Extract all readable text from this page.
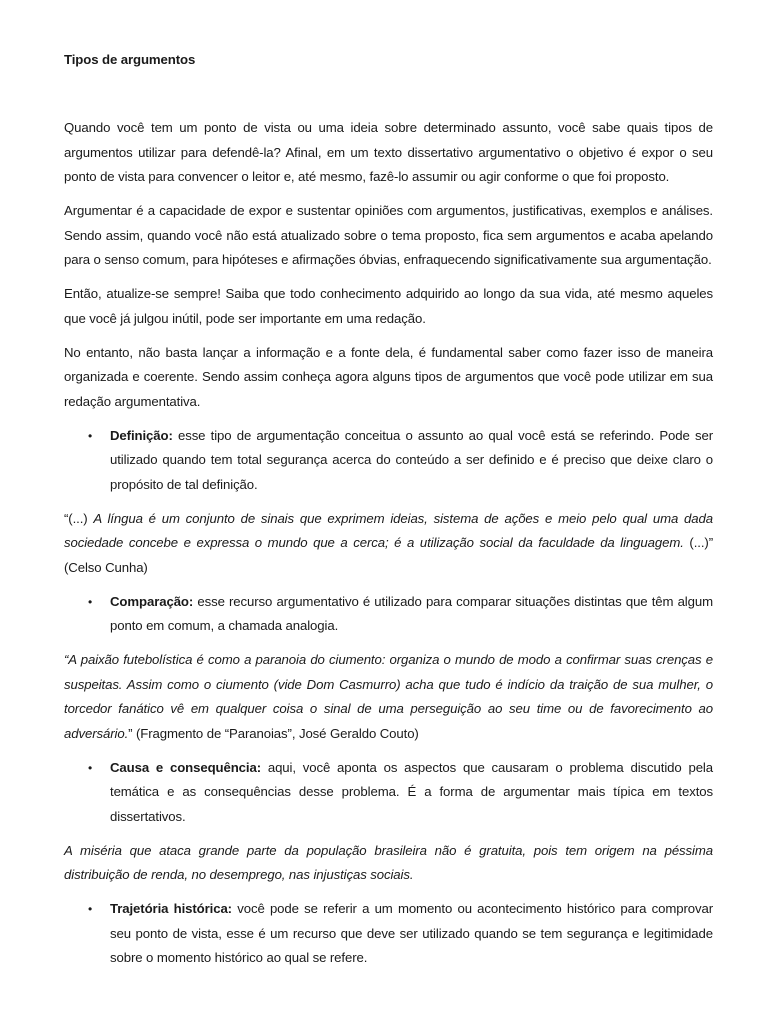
Tipos de argumentos

Quando você tem um ponto de vista ou uma ideia sobre determinado assunto, você sabe quais tipos de argumentos utilizar para defendê-la? Afinal, em um texto dissertativo argumentativo o objetivo é expor o seu ponto de vista para convencer o leitor e, até mesmo, fazê-lo assumir ou agir conforme o que foi proposto.

Argumentar é a capacidade de expor e sustentar opiniões com argumentos, justificativas, exemplos e análises. Sendo assim, quando você não está atualizado sobre o tema proposto, fica sem argumentos e acaba apelando para o senso comum, para hipóteses e afirmações óbvias, enfraquecendo significativamente sua argumentação.

Então, atualize-se sempre! Saiba que todo conhecimento adquirido ao longo da sua vida, até mesmo aqueles que você já julgou inútil, pode ser importante em uma redação.

No entanto, não basta lançar a informação e a fonte dela, é fundamental saber como fazer isso de maneira organizada e coerente. Sendo assim conheça agora alguns tipos de argumentos que você pode utilizar em sua redação argumentativa.

• Definição: esse tipo de argumentação conceitua o assunto ao qual você está se referindo. Pode ser utilizado quando tem total segurança acerca do conteúdo a ser definido e é preciso que deixe claro o propósito de tal definição.

“(...) A língua é um conjunto de sinais que exprimem ideias, sistema de ações e meio pelo qual uma dada sociedade concebe e expressa o mundo que a cerca; é a utilização social da faculdade da linguagem. (...)” (Celso Cunha)

• Comparação: esse recurso argumentativo é utilizado para comparar situações distintas que têm algum ponto em comum, a chamada analogia.

“A paixão futebolística é como a paranoia do ciumento: organiza o mundo de modo a confirmar suas crenças e suspeitas. Assim como o ciumento (vide Dom Casmurro) acha que tudo é indício da traição de sua mulher, o torcedor fanático vê em qualquer coisa o sinal de uma perseguição ao seu time ou de favorecimento ao adversário.” (Fragmento de “Paranoias”, José Geraldo Couto)

• Causa e consequência: aqui, você aponta os aspectos que causaram o problema discutido pela temática e as consequências desse problema. É a forma de argumentar mais típica em textos dissertativos.

A miséria que ataca grande parte da população brasileira não é gratuita, pois tem origem na péssima distribuição de renda, no desemprego, nas injustiças sociais.

• Trajetória histórica: você pode se referir a um momento ou acontecimento histórico para comprovar seu ponto de vista, esse é um recurso que deve ser utilizado quando se tem segurança e legitimidade sobre o momento histórico ao qual se refere.
